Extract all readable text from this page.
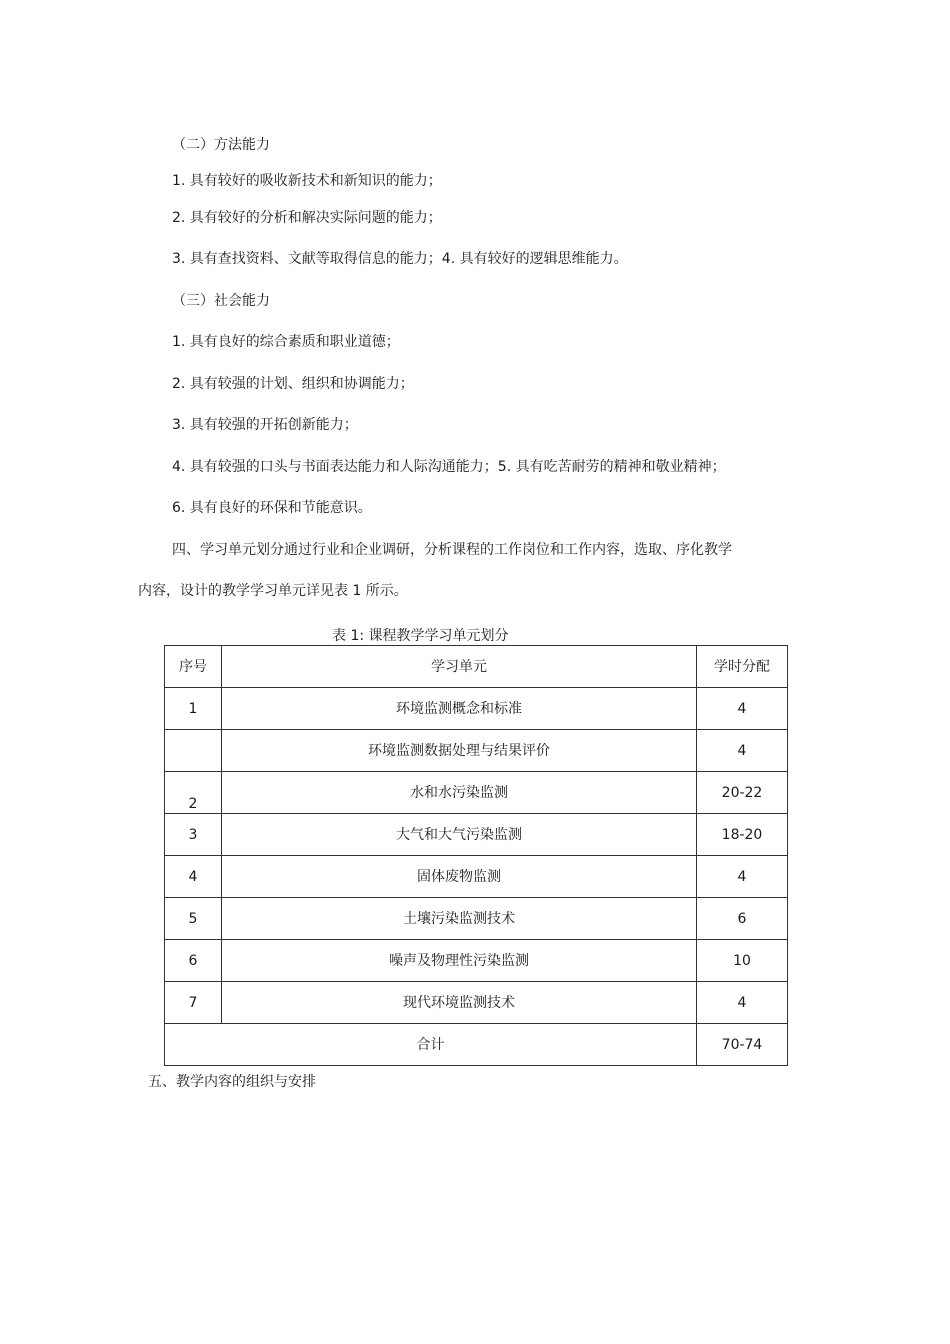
（二）方法能力
1. 具有较好的吸收新技术和新知识的能力；
2. 具有较好的分析和解决实际问题的能力；
3. 具有查找资料、文献等取得信息的能力；4. 具有较好的逻辑思维能力。
（三）社会能力
1. 具有良好的综合素质和职业道德；
2. 具有较强的计划、组织和协调能力；
3. 具有较强的开拓创新能力；
4. 具有较强的口头与书面表达能力和人际沟通能力；5. 具有吃苦耐劳的精神和敬业精神；
6. 具有良好的环保和节能意识。
四、学习单元划分通过行业和企业调研，分析课程的工作岗位和工作内容，选取、序化教学
内容，设计的教学学习单元详见表 1 所示。
表 1: 课程教学学习单元划分
序号	学习单元	学时分配
1	环境监测概念和标准	4
	环境监测数据处理与结果评价	4
2	水和水污染监测	20-22
3	大气和大气污染监测	18-20
4	固体废物监测	4
5	土壤污染监测技术	6
6	噪声及物理性污染监测	10
7	现代环境监测技术	4
合计		70-74
五、教学内容的组织与安排
